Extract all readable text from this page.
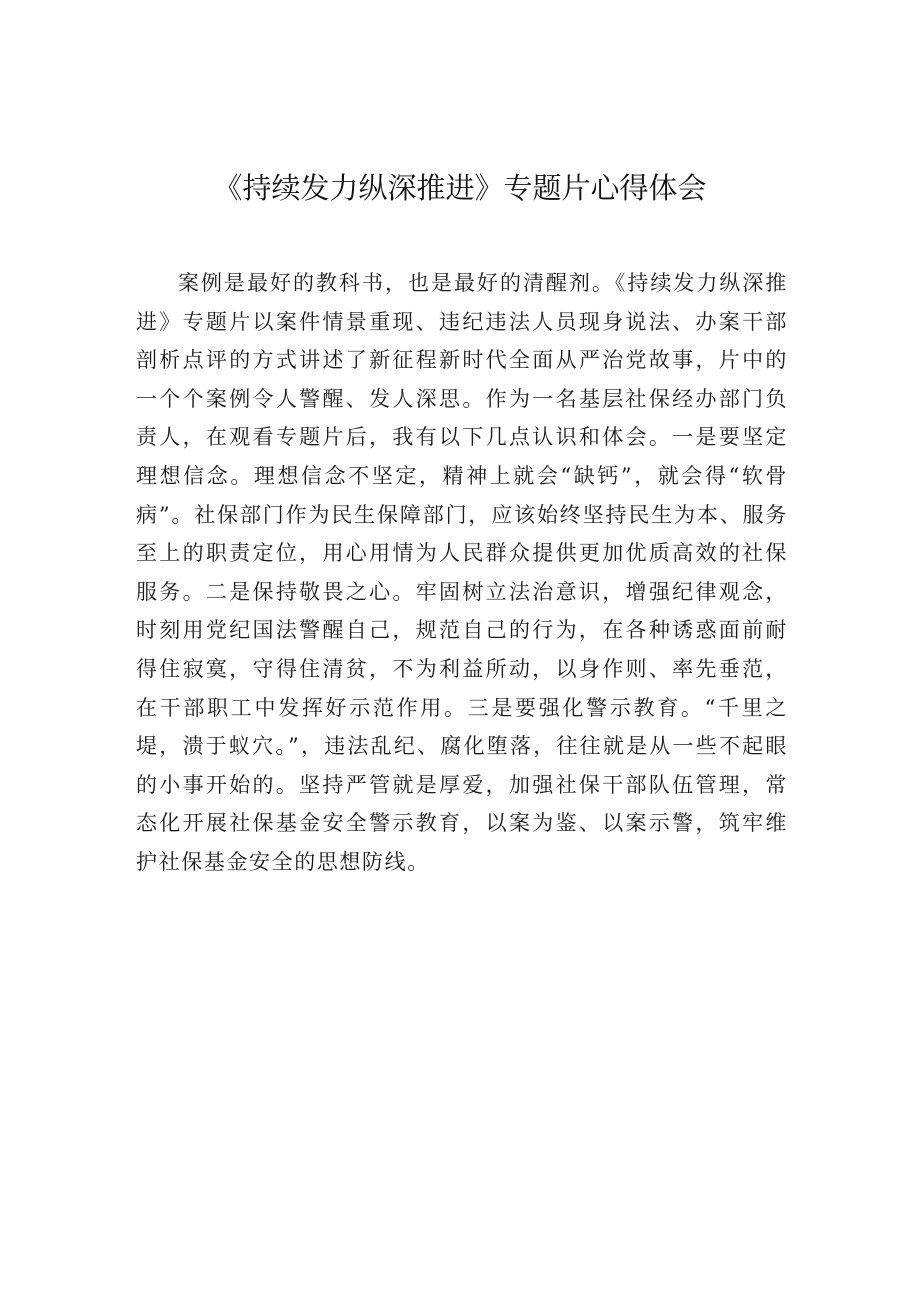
《持续发力纵深推进》专题片心得体会

案例是最好的教科书，也是最好的清醒剂。《持续发力纵深推进》专题片以案件情景重现、违纪违法人员现身说法、办案干部剖析点评的方式讲述了新征程新时代全面从严治党故事，片中的一个个案例令人警醒、发人深思。作为一名基层社保经办部门负责人，在观看专题片后，我有以下几点认识和体会。一是要坚定理想信念。理想信念不坚定，精神上就会“缺钙”，就会得“软骨病”。社保部门作为民生保障部门，应该始终坚持民生为本、服务至上的职责定位，用心用情为人民群众提供更加优质高效的社保服务。二是保持敬畏之心。牢固树立法治意识，增强纪律观念，时刻用党纪国法警醒自己，规范自己的行为，在各种诱惑面前耐得住寂寞，守得住清贫，不为利益所动，以身作则、率先垂范，在干部职工中发挥好示范作用。三是要强化警示教育。“千里之堤，溃于蚁穴。”，违法乱纪、腐化堕落，往往就是从一些不起眼的小事开始的。坚持严管就是厚爱，加强社保干部队伍管理，常态化开展社保基金安全警示教育，以案为鉴、以案示警，筑牢维护社保基金安全的思想防线。
